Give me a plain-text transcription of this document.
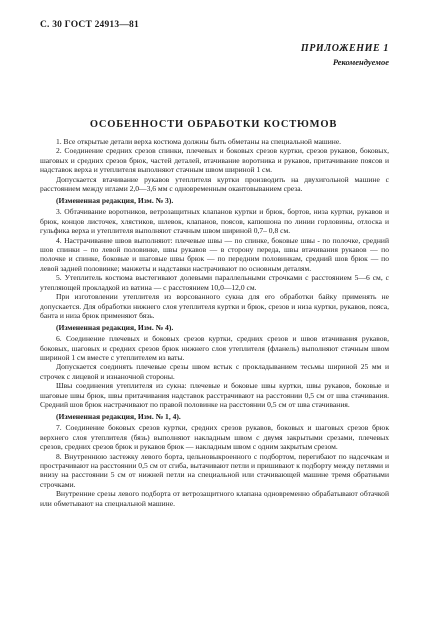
С. 30 ГОСТ 24913—81
ПРИЛОЖЕНИЕ 1
Рекомендуемое
ОСОБЕННОСТИ ОБРАБОТКИ КОСТЮМОВ

1. Все открытые детали верха костюма должны быть обметаны на специальной машине.

2. Соединение средних срезов спинки, плечевых и боковых срезов куртки, срезов рукавов, боковых, шаговых и средних срезов брюк, частей деталей, втачивание воротника и рукавов, притачивание поясов и надставок верха и утеплителя выполняют стачным швом шириной 1 см.

Допускается втачивание рукавов утеплителя куртки производить на двухигольной машине с расстоянием между иглами 2,0—3,6 мм с одновременным окантовыванием среза.

(Измененная редакция, Изм. № 3).

3. Обтачивание воротников, ветрозащитных клапанов куртки и брюк, бортов, низа куртки, рукавов и брюк, концов листочек, хлястиков, шлевок, клапанов, поясов, капюшона по линии горловины, отлоска и гульфика верха и утеплителя выполняют стачным швом шириной 0,7– 0,8 см.

4. Настрачивание швов выполняют: плечевые швы — по спинке, боковые швы - по полочке, средний шов спинки – по левой половинке, швы рукавов — в сторону переда, швы втачивания рукавов — по полочке и спинке, боковые и шаговые швы брюк — по передним половинкам, средний шов брюк — по левой задней половинке; манжеты и надставки настрачивают по основным деталям.

5. Утеплитель костюма выстегивают долевыми параллельными строчками с расстоянием 5—6 см, с утепляющей прокладкой из ватина — с расстоянием 10,0—12,0 см.

При изготовлении утеплителя из ворсованного сукна для его обработки байку применять не допускается. Для обработки нижнего слоя утеплителя куртки и брюк, срезов и низа куртки, рукавов, пояса, банта и низа брюк применяют бязь.

(Измененная редакция, Изм. № 4).

6. Соединение плечевых и боковых срезов куртки, средних срезов и швов втачивания рукавов, боковых, шаговых и средних срезов брюк нижнего слоя утеплителя (фланель) выполняют стачным швом шириной 1 см вместе с утеплителем из ваты.

Допускается соединять плечевые срезы швом встык с прокладыванием тесьмы шириной 25 мм и строчек с лицевой и изнаночной стороны.

Швы соединения утеплителя из сукна: плечевые и боковые швы куртки, швы рукавов, боковые и шаговые швы брюк, швы притачивания надставок расстрачивают на расстоянии 0,5 см от шва стачивания. Средний шов брюк настрачивают по правой половинке на расстоянии 0,5 см от шва стачивания.

(Измененная редакция, Изм. № 1, 4).

7. Соединение боковых срезов куртки, средних срезов рукавов, боковых и шаговых срезов брюк верхнего слоя утеплителя (бязь) выполняют накладным швом с двумя закрытыми срезами, плечевых срезов, средних срезов брюк и рукавов брюк — накладным швом с одним закрытым срезом.

8. Внутреннюю застежку левого борта, цельновыкроенного с подбортом, перегибают по надсечкам и прострачивают на расстоянии 0,5 см от сгиба, вытачивают петли и пришивают к подборту между петлями и внизу на расстоянии 5 см от нижней петли на специальной или стачивающей машине тремя обратными строчками.

Внутренние срезы левого подборта от ветрозащитного клапана одновременно обрабатывают обтачкой или обметывают на специальной машине.
